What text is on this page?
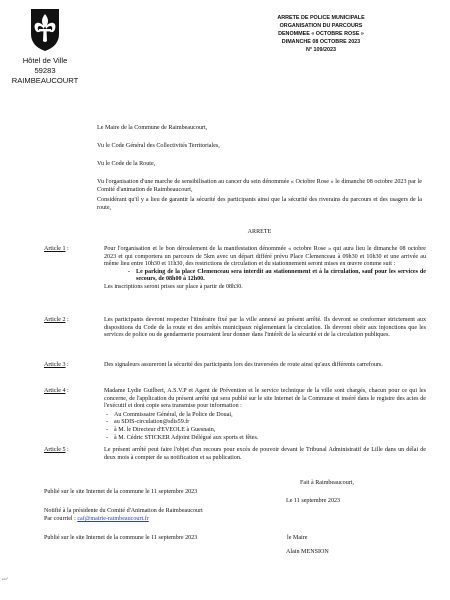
Hôtel de Ville
59283 RAIMBEAUCOURT
ARRETE DE POLICE MUNICIPALE
ORGANISATION DU PARCOURS
DENOMMEE « OCTOBRE ROSE »
DIMANCHE 08 OCTOBRE 2023
N° 109/2023
Le Maire de la Commune de Raimbeaucourt,
Vu le Code Général des Collectivités Territoriales,
Vu le Code de la Route,
Vu l'organisation d'une marche de sensibilisation au cancer du sein dénommée « Octobre Rose » le dimanche 08 octobre 2023 par le Comité d'animation de Raimbeaucourt,
Considérant qu'il y a lieu de garantir la sécurité des participants ainsi que la sécurité des riverains du parcours et des usagers de la route,
ARRETE
Article 1 :	Pour l'organisation et le bon déroulement de la manifestation dénommée « octobre Rose » qui aura lieu le dimanche 08 octobre 2023 et qui comportera un parcours de 5km avec un départ différé prévu Place Clemenceau à 09h30 et 10h30 et une arrivée au même lieu entre 10h30 et 11h30, des restrictions de circulation et du stationnement seront mises en œuvre comme suit :
- Le parking de la place Clemenceau sera interdit au stationnement et à la circulation, sauf pour les services de secours, de 08h00 à 12h00.
Les inscriptions seront prises sur place à partir de 08h30.
Article 2 :	Les participants devront respecter l'itinéraire fixé par la ville annexé au présent arrêté. Ils devront se conformer strictement aux dispositions du Code de la route et des arrêtés municipaux réglementant la circulation. Ils devront obéir aux injonctions que les services de police ou de gendarmerie pourraient leur donner dans l'intérêt de la sécurité et de la circulation publiques.
Article 3 :	Des signaleurs assureront la sécurité des participants lors des traversées de route ainsi qu'aux différents carrefours.
Article 4 :	Madame Lydie Guilbert, A.S.V.P et Agent de Prévention et le service technique de la ville sont chargés, chacun pour ce qui les concerne, de l'application du présent arrêté qui sera publié sur le site Internet de la Commune et inséré dans le registre des actes de l'exécutif et dont copie sera transmise pour information :
- Au Commissaire Général, de la Police de Douai,
- au SDIS-circulation@sdis59.fr
- à M. le Directeur d'EVEOLE à Guesnain,
- à M. Cédric STICKER Adjoint Délégué aux sports et fêtes.
Article 5 :	Le présent arrêté peut faire l'objet d'un recours pour excès de pouvoir devant le Tribunal Administratif de Lille dans un délai de deux mois à compter de sa notification et sa publication.
Fait à Raimbeaucourt,
Le 11 septembre 2023
Publié sur le site Internet de la commune le 11 septembre 2023
Notifié à la présidente du Comité d'Animation de Raimbeaucourt
Par courriel : caf@mairie-raimbeaucourt.fr
Publié sur le site Internet de la commune le 11 septembre 2023	le Maire
Alain MENSION
sd n°
